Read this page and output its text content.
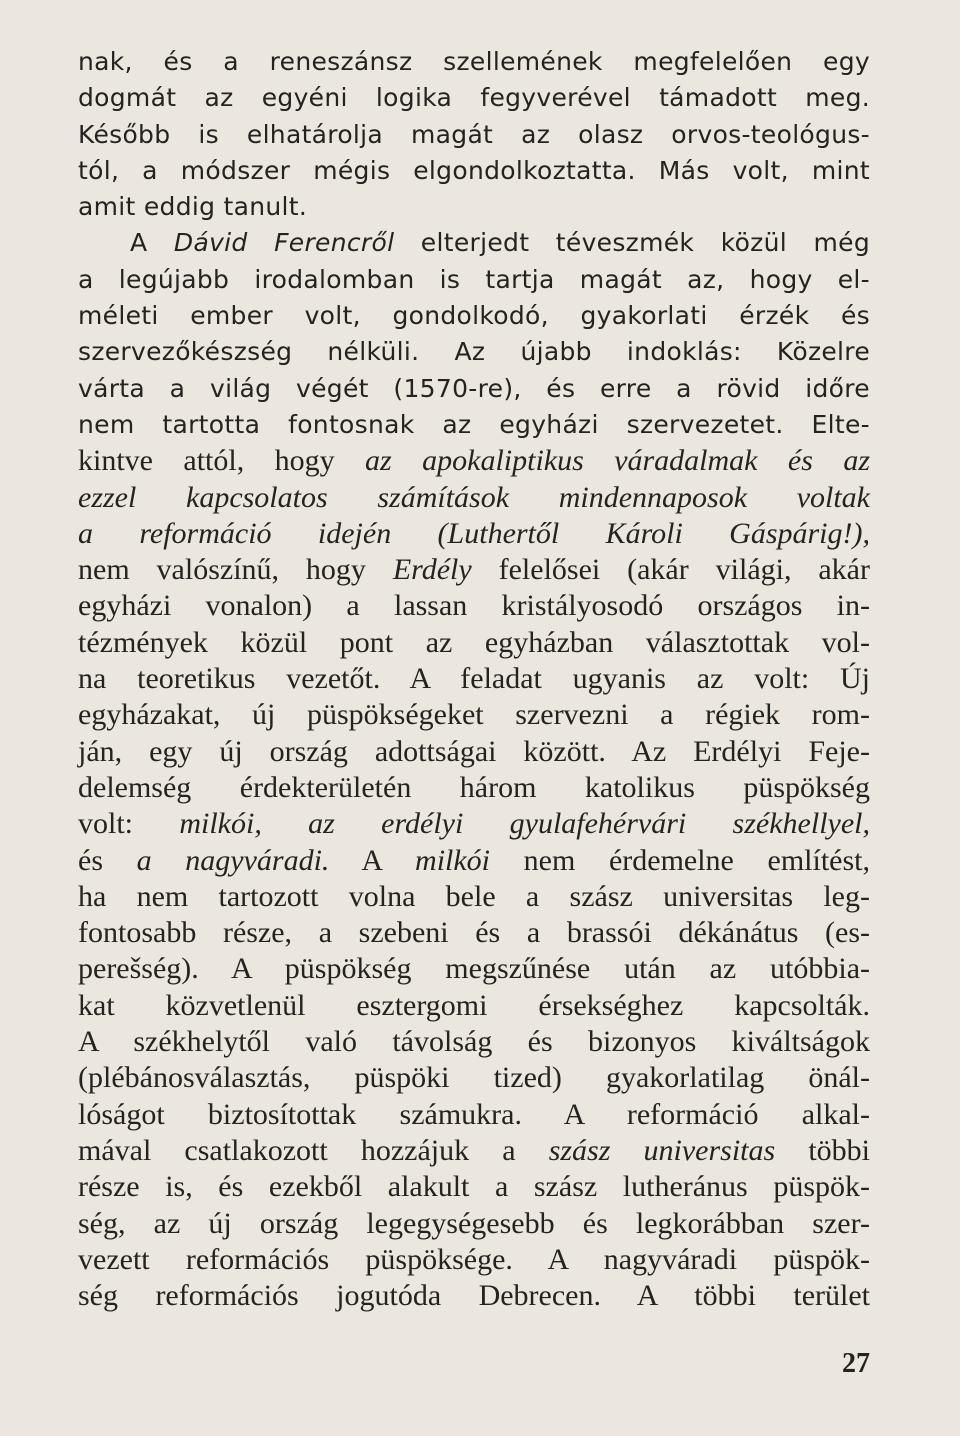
nak, és a reneszánsz szellemének megfelelően egy
dogmát az egyéni logika fegyverével támadott meg.
Később is elhatárolja magát az olasz orvos-teológus-
tól, a módszer mégis elgondolkoztatta. Más volt, mint
amit eddig tanult.
A Dávid Ferencről elterjedt téveszmék közül még
a legújabb irodalomban is tartja magát az, hogy el-
méleti ember volt, gondolkodó, gyakorlati érzék és
szervezőkészség nélküli. Az újabb indoklás: Közelre
várta a világ végét (1570-re), és erre a rövid időre
nem tartotta fontosnak az egyházi szervezetet. Elte-
kintve attól, hogy az apokaliptikus váradalmak és az
ezzel kapcsolatos számítások mindennaposok voltak
a reformáció idején (Luthertől Károli Gáspárig!),
nem valószínű, hogy Erdély felelősei (akár világi, akár
egyházi vonalon) a lassan kristályosodó országos in-
tézmények közül pont az egyházban választottak vol-
na teoretikus vezetőt. A feladat ugyanis az volt: Új
egyházakat, új püspökségeket szervezni a régiek rom-
ján, egy új ország adottságai között. Az Erdélyi Feje-
delemség érdekterületén három katolikus püspökség
volt: milkói, az erdélyi gyulafehérvári székhellyel,
és a nagyváradi. A milkói nem érdemelne említést,
ha nem tartozott volna bele a szász universitas leg-
fontosabb része, a szebeni és a brassói dékánátus (es-
perešség). A püspökség megszűnése után az utóbbia-
kat közvetlenül esztergomi érsekséghez kapcsolták.
A székhelytől való távolság és bizonyos kiváltságok
(plébánosválasztás, püspöki tized) gyakorlatilag önál-
lóságot biztosítottak számukra. A reformáció alkal-
mával csatlakozott hozzájuk a szász universitas többi
része is, és ezekből alakult a szász lutheránus püspök-
ség, az új ország legegységesebb és legkorábban szer-
vezett reformációs püspöksége. A nagyváradi püspök-
ség reformációs jogutóda Debrecen. A többi terület
27
